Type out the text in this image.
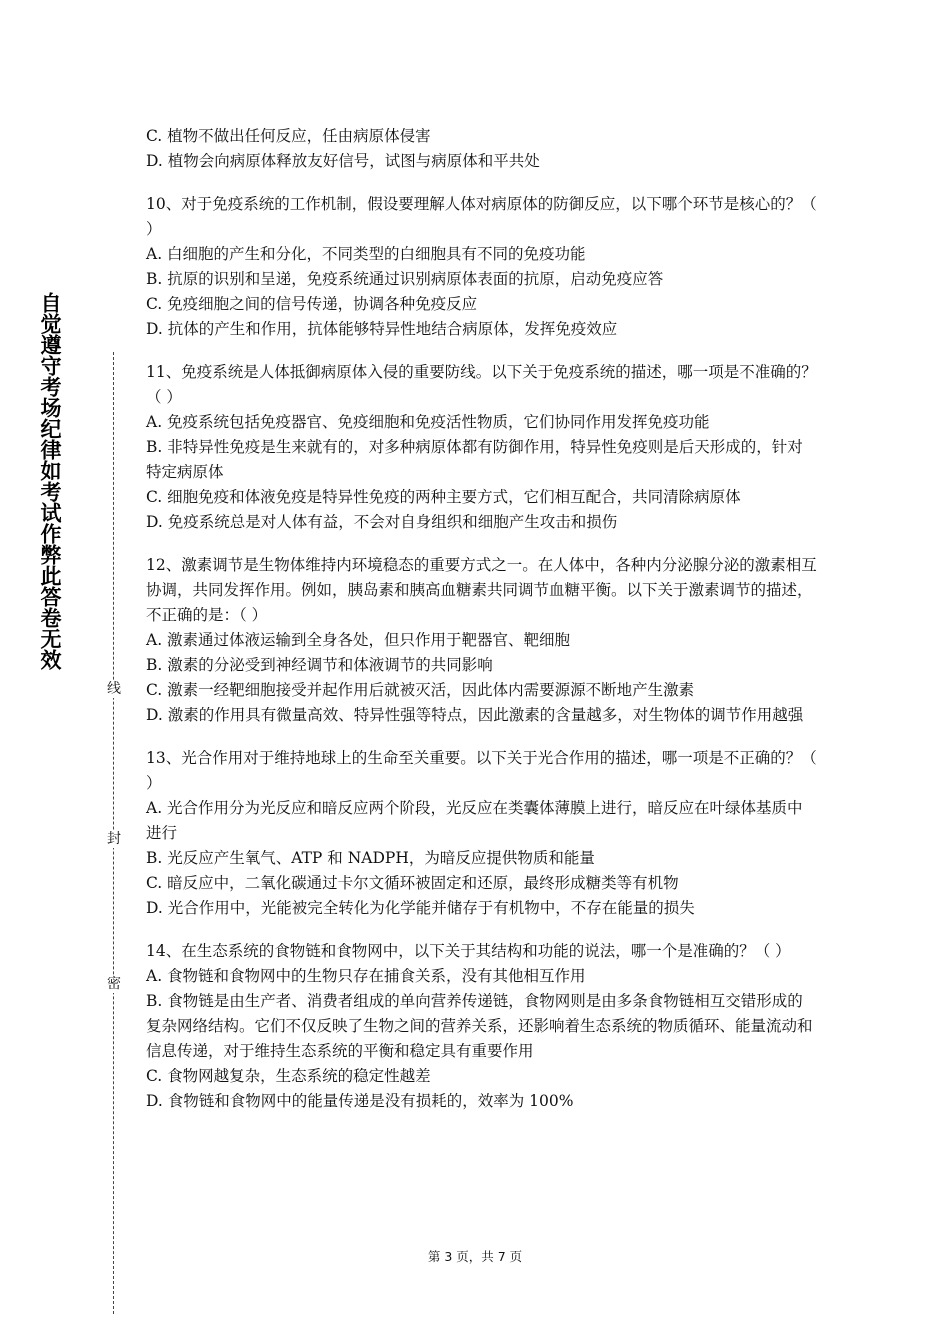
自觉遵守考场纪律如考试作弊此答卷无效
线
封
密
C. 植物不做出任何反应，任由病原体侵害
D. 植物会向病原体释放友好信号，试图与病原体和平共处
10、对于免疫系统的工作机制，假设要理解人体对病原体的防御反应，以下哪个环节是核心的？（ ）
A. 白细胞的产生和分化，不同类型的白细胞具有不同的免疫功能
B. 抗原的识别和呈递，免疫系统通过识别病原体表面的抗原，启动免疫应答
C. 免疫细胞之间的信号传递，协调各种免疫反应
D. 抗体的产生和作用，抗体能够特异性地结合病原体，发挥免疫效应
11、免疫系统是人体抵御病原体入侵的重要防线。以下关于免疫系统的描述，哪一项是不准确的？（ ）
A. 免疫系统包括免疫器官、免疫细胞和免疫活性物质，它们协同作用发挥免疫功能
B. 非特异性免疫是生来就有的，对多种病原体都有防御作用，特异性免疫则是后天形成的，针对特定病原体
C. 细胞免疫和体液免疫是特异性免疫的两种主要方式，它们相互配合，共同清除病原体
D. 免疫系统总是对人体有益，不会对自身组织和细胞产生攻击和损伤
12、激素调节是生物体维持内环境稳态的重要方式之一。在人体中，各种内分泌腺分泌的激素相互协调，共同发挥作用。例如，胰岛素和胰高血糖素共同调节血糖平衡。以下关于激素调节的描述，不正确的是：（ ）
A. 激素通过体液运输到全身各处，但只作用于靶器官、靶细胞
B. 激素的分泌受到神经调节和体液调节的共同影响
C. 激素一经靶细胞接受并起作用后就被灭活，因此体内需要源源不断地产生激素
D. 激素的作用具有微量高效、特异性强等特点，因此激素的含量越多，对生物体的调节作用越强
13、光合作用对于维持地球上的生命至关重要。以下关于光合作用的描述，哪一项是不正确的？（ ）
A. 光合作用分为光反应和暗反应两个阶段，光反应在类囊体薄膜上进行，暗反应在叶绿体基质中进行
B. 光反应产生氧气、ATP 和 NADPH，为暗反应提供物质和能量
C. 暗反应中，二氧化碳通过卡尔文循环被固定和还原，最终形成糖类等有机物
D. 光合作用中，光能被完全转化为化学能并储存于有机物中，不存在能量的损失
14、在生态系统的食物链和食物网中，以下关于其结构和功能的说法，哪一个是准确的？（ ）
A. 食物链和食物网中的生物只存在捕食关系，没有其他相互作用
B. 食物链是由生产者、消费者组成的单向营养传递链，食物网则是由多条食物链相互交错形成的复杂网络结构。它们不仅反映了生物之间的营养关系，还影响着生态系统的物质循环、能量流动和信息传递，对于维持生态系统的平衡和稳定具有重要作用
C. 食物网越复杂，生态系统的稳定性越差
D. 食物链和食物网中的能量传递是没有损耗的，效率为 100%
第 3 页，共 7 页
